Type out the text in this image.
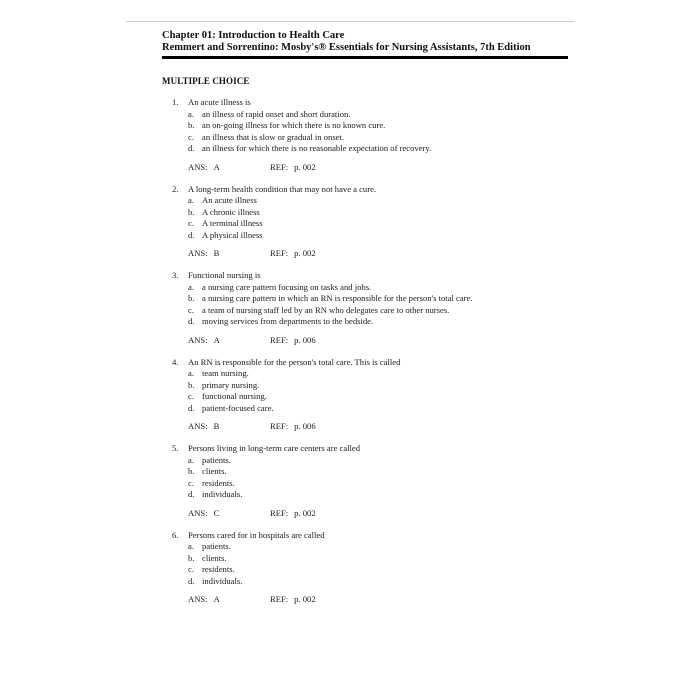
Chapter 01: Introduction to Health Care
Remmert and Sorrentino: Mosby's® Essentials for Nursing Assistants, 7th Edition
MULTIPLE CHOICE
1.	An acute illness is
a. an illness of rapid onset and short duration.
b. an on-going illness for which there is no known cure.
c. an illness that is slow or gradual in onset.
d. an illness for which there is no reasonable expectation of recovery.
ANS: A	REF: p. 002
2.	A long-term health condition that may not have a cure.
a. An acute illness
b. A chronic illness
c. A terminal illness
d. A physical illness
ANS: B	REF: p. 002
3.	Functional nursing is
a. a nursing care pattern focusing on tasks and jobs.
b. a nursing care pattern in which an RN is responsible for the person's total care.
c. a team of nursing staff led by an RN who delegates care to other nurses.
d. moving services from departments to the bedside.
ANS: A	REF: p. 006
4.	An RN is responsible for the person's total care. This is called
a. team nursing.
b. primary nursing.
c. functional nursing.
d. patient-focused care.
ANS: B	REF: p. 006
5.	Persons living in long-term care centers are called
a. patients.
b. clients.
c. residents.
d. individuals.
ANS: C	REF: p. 002
6.	Persons cared for in hospitals are called
a. patients.
b. clients.
c. residents.
d. individuals.
ANS: A	REF: p. 002
